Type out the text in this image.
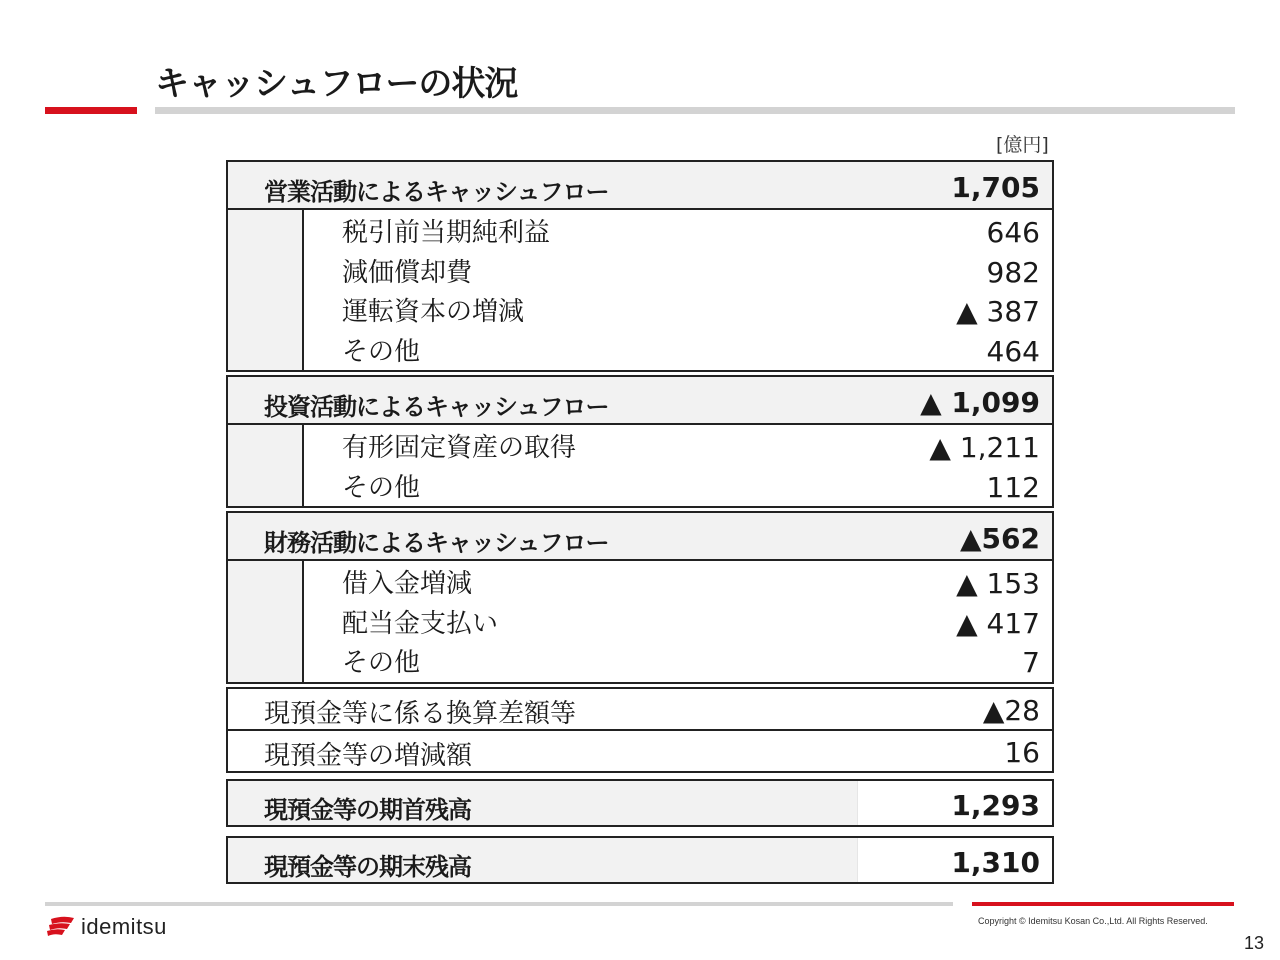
キャッシュフローの状況
[億円]
営業活動によるキャッシュフロー	1,705
税引前当期純利益	646
減価償却費	982
運転資本の増減	▲ 387
その他	464
投資活動によるキャッシュフロー	▲ 1,099
有形固定資産の取得	▲ 1,211
その他	112
財務活動によるキャッシュフロー	▲562
借入金増減	▲ 153
配当金支払い	▲ 417
その他	7
現預金等に係る換算差額等	▲28
現預金等の増減額	16
現預金等の期首残高	1,293
現預金等の期末残高	1,310
idemitsu	Copyright © Idemitsu Kosan Co.,Ltd. All Rights Reserved.
13
